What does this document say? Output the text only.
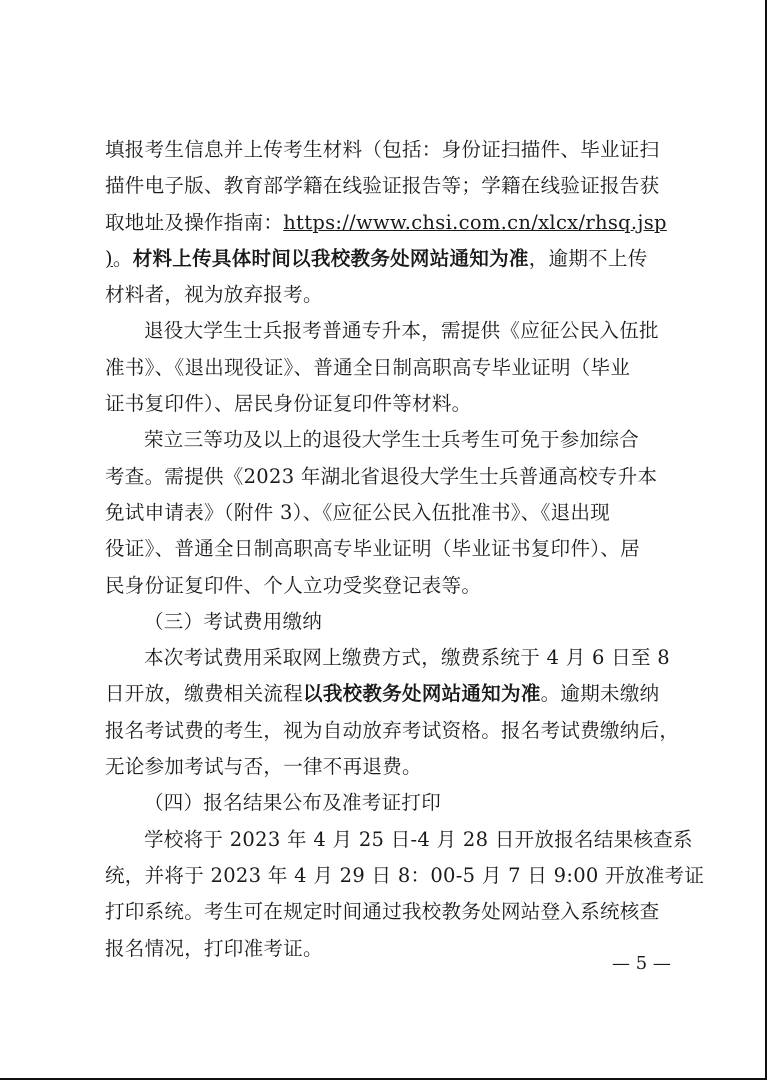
填报考生信息并上传考生材料（包括：身份证扫描件、毕业证扫
描件电子版、教育部学籍在线验证报告等；学籍在线验证报告获
取地址及操作指南：https://www.chsi.com.cn/xlcx/rhsq.jsp
)。材料上传具体时间以我校教务处网站通知为准，逾期不上传
材料者，视为放弃报考。
退役大学生士兵报考普通专升本，需提供《应征公民入伍批
准书》、《退出现役证》、普通全日制高职高专毕业证明（毕业
证书复印件）、居民身份证复印件等材料。
荣立三等功及以上的退役大学生士兵考生可免于参加综合
考查。需提供《2023 年湖北省退役大学生士兵普通高校专升本
免试申请表》（附件 3）、《应征公民入伍批准书》、《退出现
役证》、普通全日制高职高专毕业证明（毕业证书复印件）、居
民身份证复印件、个人立功受奖登记表等。
（三）考试费用缴纳
本次考试费用采取网上缴费方式，缴费系统于 4 月 6 日至 8
日开放，缴费相关流程以我校教务处网站通知为准。逾期未缴纳
报名考试费的考生，视为自动放弃考试资格。报名考试费缴纳后，
无论参加考试与否，一律不再退费。
（四）报名结果公布及准考证打印
学校将于 2023 年 4 月 25 日-4 月 28 日开放报名结果核查系
统，并将于 2023 年 4 月 29 日 8：00-5 月 7 日 9:00 开放准考证
打印系统。考生可在规定时间通过我校教务处网站登入系统核查
报名情况，打印准考证。
— 5 —
